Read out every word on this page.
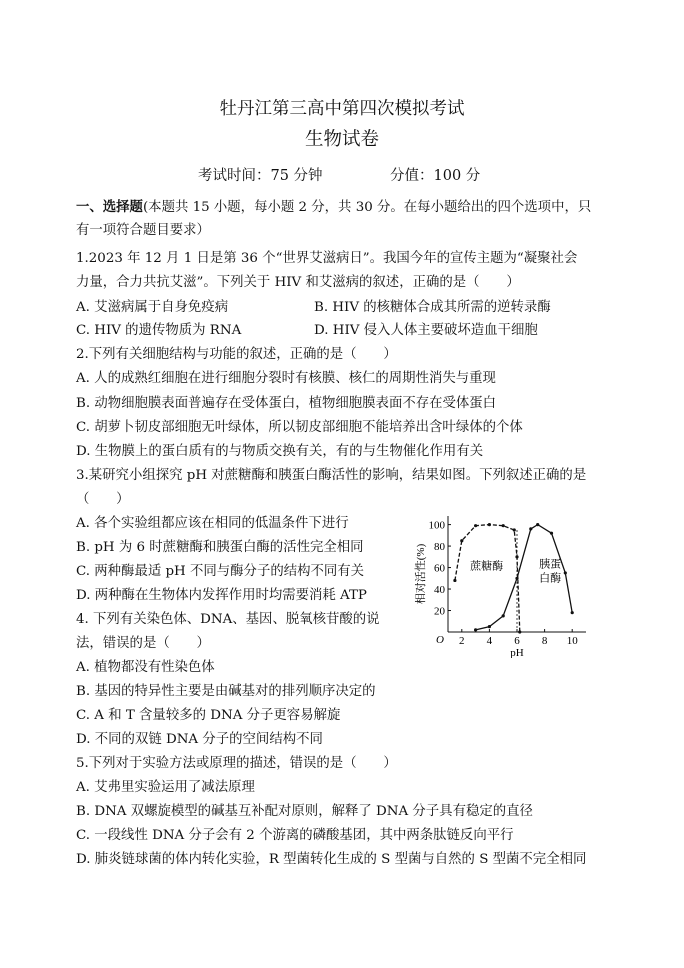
牡丹江第三高中第四次模拟考试
生物试卷
考试时间：75 分钟	分值：100 分
一、选择题(本题共 15 小题，每小题 2 分，共 30 分。在每小题给出的四个选项中，只
有一项符合题目要求）
1.2023 年 12 月 1 日是第 36 个“世界艾滋病日”。我国今年的宣传主题为“凝聚社会
力量，合力共抗艾滋”。下列关于 HIV 和艾滋病的叙述，正确的是（　　）
A. 艾滋病属于自身免疫病	B. HIV 的核糖体合成其所需的逆转录酶
C. HIV 的遗传物质为 RNA	D. HIV 侵入人体主要破坏造血干细胞
2.下列有关细胞结构与功能的叙述，正确的是（　　）
A. 人的成熟红细胞在进行细胞分裂时有核膜、核仁的周期性消失与重现
B. 动物细胞膜表面普遍存在受体蛋白，植物细胞膜表面不存在受体蛋白
C. 胡萝卜韧皮部细胞无叶绿体，所以韧皮部细胞不能培养出含叶绿体的个体
D. 生物膜上的蛋白质有的与物质交换有关，有的与生物催化作用有关
3.某研究小组探究 pH 对蔗糖酶和胰蛋白酶活性的影响，结果如图。下列叙述正确的是
（　　）
A. 各个实验组都应该在相同的低温条件下进行
B. pH 为 6 时蔗糖酶和胰蛋白酶的活性完全相同
C. 两种酶最适 pH 不同与酶分子的结构不同有关
D. 两种酶在生物体内发挥作用时均需要消耗 ATP
4. 下列有关染色体、DNA、基因、脱氧核苷酸的说
法，错误的是（　　）
A. 植物都没有性染色体
B. 基因的特异性主要是由碱基对的排列顺序决定的
C. A 和 T 含量较多的 DNA 分子更容易解旋
D. 不同的双链 DNA 分子的空间结构不同
5.下列对于实验方法或原理的描述，错误的是（　　）
A. 艾弗里实验运用了减法原理
B. DNA 双螺旋模型的碱基互补配对原则，解释了 DNA 分子具有稳定的直径
C. 一段线性 DNA 分子会有 2 个游离的磷酸基团，其中两条肽链反向平行
D. 肺炎链球菌的体内转化实验，R 型菌转化生成的 S 型菌与自然的 S 型菌不完全相同
2 4 6 8 10
20
40
60
80
100
O
pH
相对活性(%)	蔗糖酶	胰蛋
白酶
